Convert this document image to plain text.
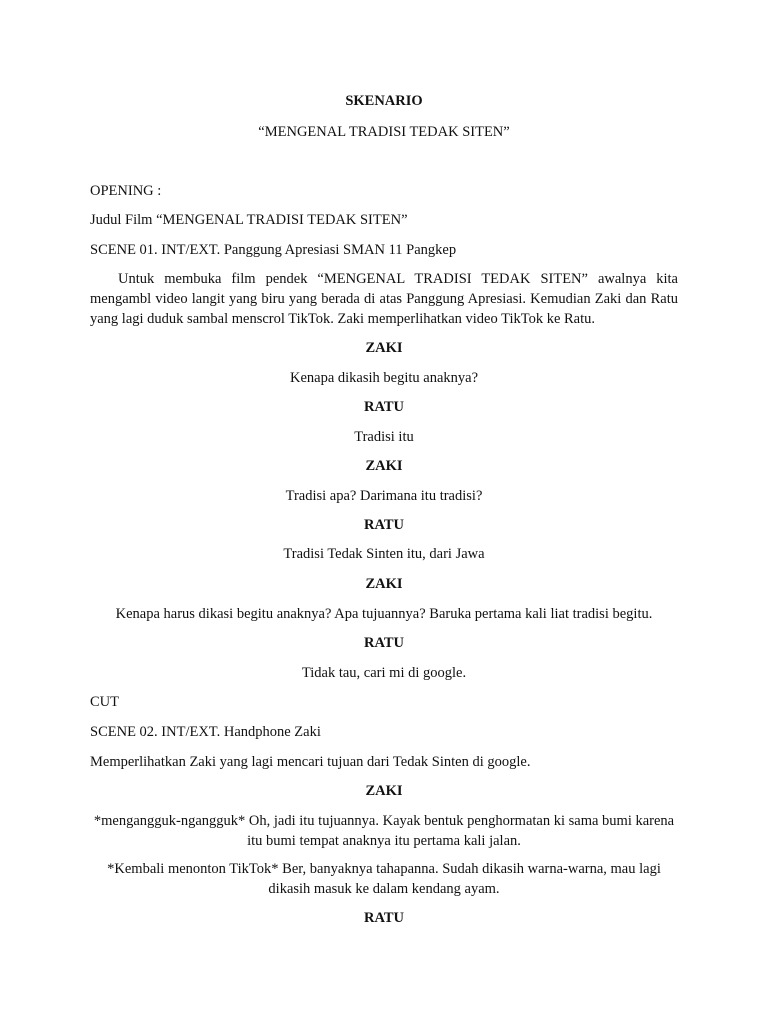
SKENARIO
“MENGENAL TRADISI TEDAK SITEN”
OPENING :
Judul Film “MENGENAL TRADISI TEDAK SITEN”
SCENE 01. INT/EXT. Panggung Apresiasi SMAN 11 Pangkep
Untuk membuka film pendek “MENGENAL TRADISI TEDAK SITEN” awalnya kita mengambl video langit yang biru yang berada di atas Panggung Apresiasi. Kemudian Zaki dan Ratu yang lagi duduk sambal menscrol TikTok. Zaki memperlihatkan video TikTok ke Ratu.
ZAKI
Kenapa dikasih begitu anaknya?
RATU
Tradisi itu
ZAKI
Tradisi apa? Darimana itu tradisi?
RATU
Tradisi Tedak Sinten itu, dari Jawa
ZAKI
Kenapa harus dikasi begitu anaknya? Apa tujuannya? Baruka pertama kali liat tradisi begitu.
RATU
Tidak tau, cari mi di google.
CUT
SCENE 02. INT/EXT. Handphone Zaki
Memperlihatkan Zaki yang lagi mencari tujuan dari Tedak Sinten di google.
ZAKI
*mengangguk-ngangguk* Oh, jadi itu tujuannya. Kayak bentuk penghormatan ki sama bumi karena itu bumi tempat anaknya itu pertama kali jalan.
*Kembali menonton TikTok* Ber, banyaknya tahapanna. Sudah dikasih warna-warna, mau lagi dikasih masuk ke dalam kendang ayam.
RATU
